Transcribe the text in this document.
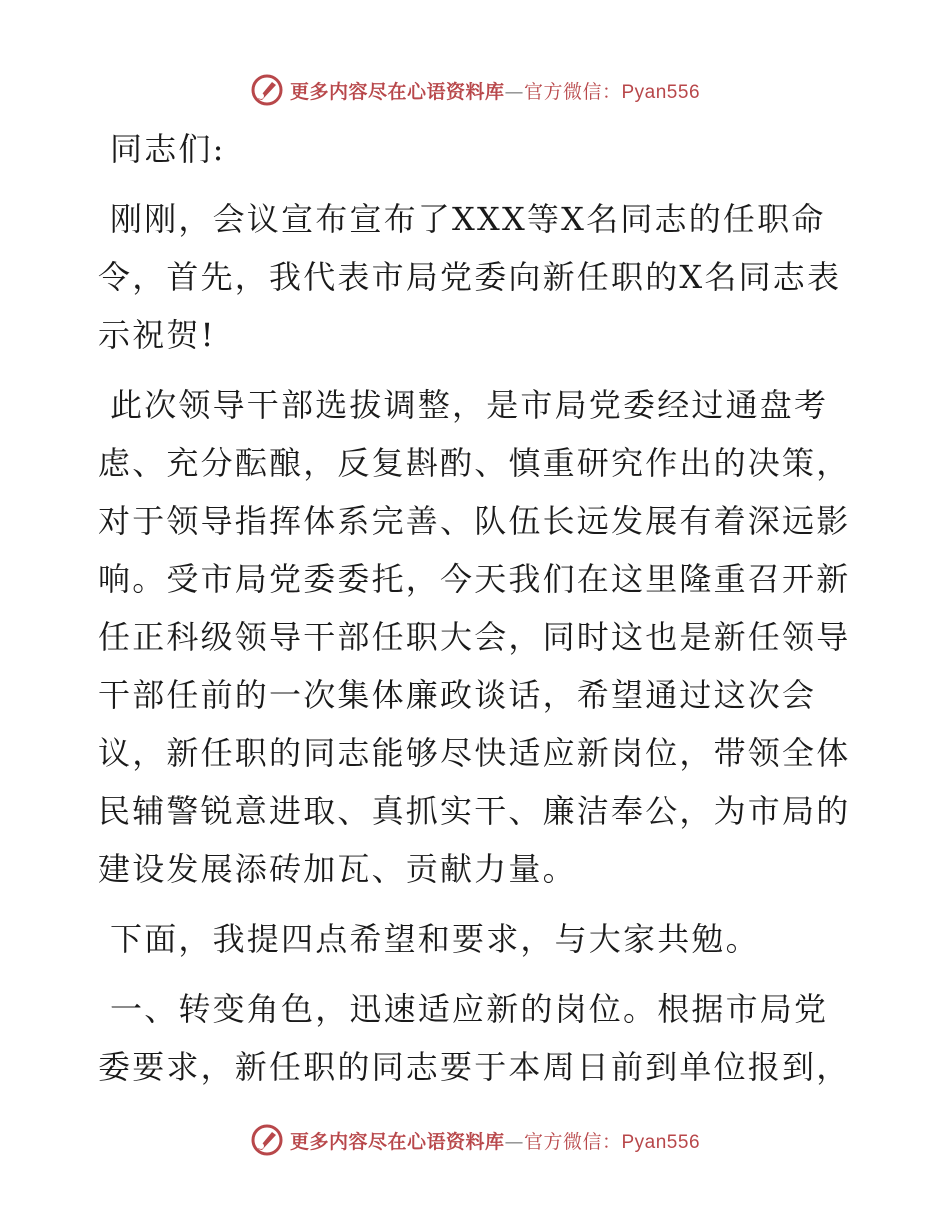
更多内容尽在心语资料库—官方微信：Pyan556

同志们:

刚刚，会议宣布宣布了XXX等X名同志的任职命令，首先，我代表市局党委向新任职的X名同志表示祝贺!

此次领导干部选拔调整，是市局党委经过通盘考虑、充分酝酿，反复斟酌、慎重研究作出的决策，对于领导指挥体系完善、队伍长远发展有着深远影响。受市局党委委托，今天我们在这里隆重召开新任正科级领导干部任职大会，同时这也是新任领导干部任前的一次集体廉政谈话，希望通过这次会议，新任职的同志能够尽快适应新岗位，带领全体民辅警锐意进取、真抓实干、廉洁奉公，为市局的建设发展添砖加瓦、贡献力量。

下面，我提四点希望和要求，与大家共勉。

一、转变角色，迅速适应新的岗位。根据市局党委要求，新任职的同志要于本周日前到单位报到，

更多内容尽在心语资料库—官方微信：Pyan556
